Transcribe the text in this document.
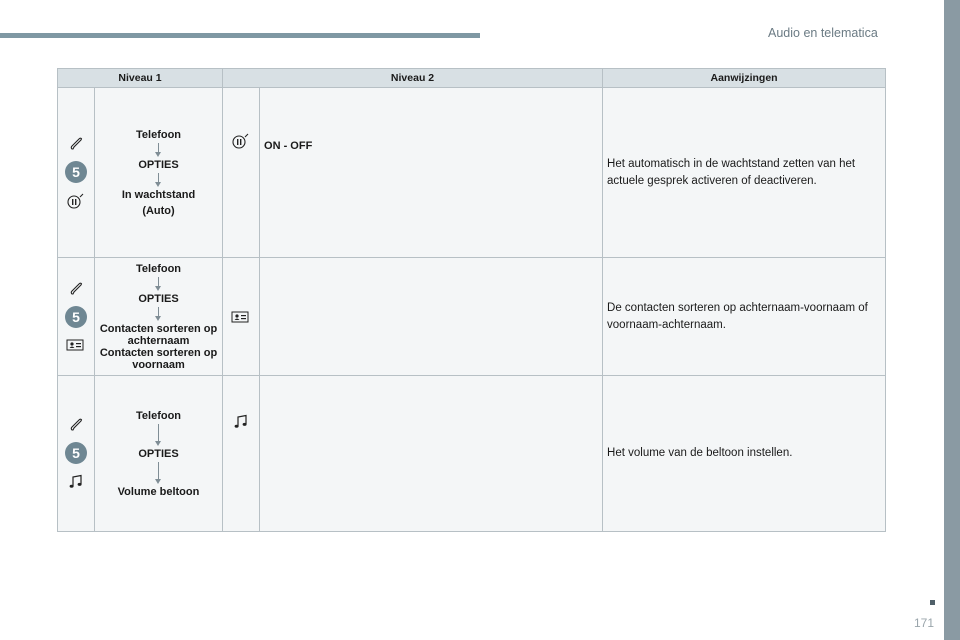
Audio en telematica
Niveau 1		Niveau 2		Aanwijzingen

5	Telefoon
OPTIES
In wachtstand
(Auto)		ON - OFF	Het automatisch in de wachtstand zetten van het actuele gesprek activeren of deactiveren.

5	Telefoon
OPTIES
Contacten sorteren op achternaam
Contacten sorteren op voornaam			De contacten sorteren op achternaam-voornaam of voornaam-achternaam.

5	Telefoon
OPTIES
Volume beltoon			Het volume van de beltoon instellen.
171
